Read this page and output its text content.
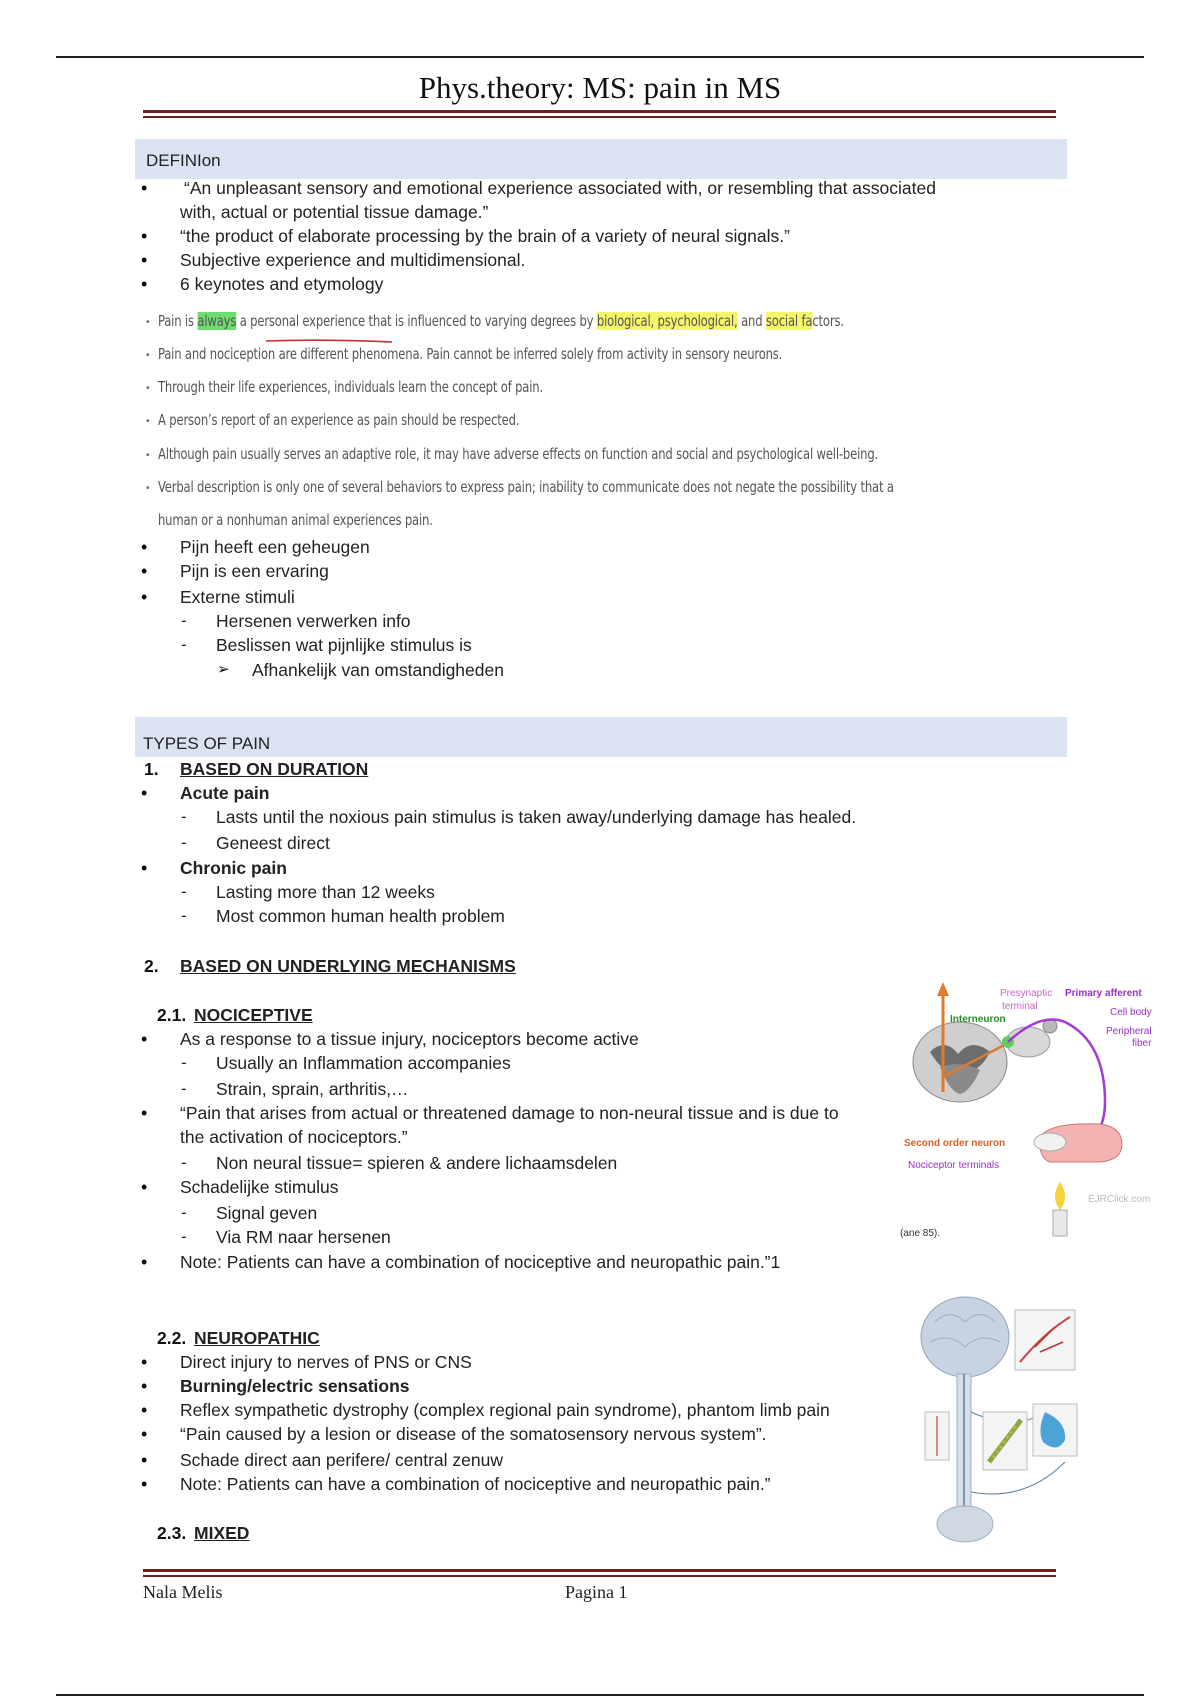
Phys.theory: MS: pain in MS
DEFINIon
• “An unpleasant sensory and emotional experience associated with, or resembling that associated
with, actual or potential tissue damage.”
• “the product of elaborate processing by the brain of a variety of neural signals.”
• Subjective experience and multidimensional.
• 6 keynotes and etymology
• Pain is always a personal experience that is influenced to varying degrees by biological, psychological, and social factors.
• Pain and nociception are different phenomena. Pain cannot be inferred solely from activity in sensory neurons.
• Through their life experiences, individuals learn the concept of pain.
• A person’s report of an experience as pain should be respected.
• Although pain usually serves an adaptive role, it may have adverse effects on function and social and psychological well-being.
• Verbal description is only one of several behaviors to express pain; inability to communicate does not negate the possibility that a
human or a nonhuman animal experiences pain.
• Pijn heeft een geheugen
• Pijn is een ervaring
• Externe stimuli
- Hersenen verwerken info
- Beslissen wat pijnlijke stimulus is
➢ Afhankelijk van omstandigheden
TYPES OF PAIN
1. BASED ON DURATION
• Acute pain
- Lasts until the noxious pain stimulus is taken away/underlying damage has healed.
- Geneest direct
• Chronic pain
- Lasting more than 12 weeks
- Most common human health problem
2. BASED ON UNDERLYING MECHANISMS
2.1. NOCICEPTIVE
• As a response to a tissue injury, nociceptors become active
- Usually an Inflammation accompanies
- Strain, sprain, arthritis,…
• “Pain that arises from actual or threatened damage to non-neural tissue and is due to
the activation of nociceptors.”
- Non neural tissue= spieren & andere lichaamsdelen
• Schadelijke stimulus
- Signal geven
- Via RM naar hersenen
• Note: Patients can have a combination of nociceptive and neuropathic pain.”1
2.2. NEUROPATHIC
• Direct injury to nerves of PNS or CNS
• Burning/electric sensations
• Reflex sympathetic dystrophy (complex regional pain syndrome), phantom limb pain
• “Pain caused by a lesion or disease of the somatosensory nervous system”.
• Schade direct aan perifere/ central zenuw
• Note: Patients can have a combination of nociceptive and neuropathic pain.”
2.3. MIXED
Presynaptic
terminal
Primary afferent
Cell body
Peripheral
fiber
Interneuron
Second order neuron
Nociceptor terminals
EJRClick.com
(ane 85).
Nala Melis	Pagina 1
